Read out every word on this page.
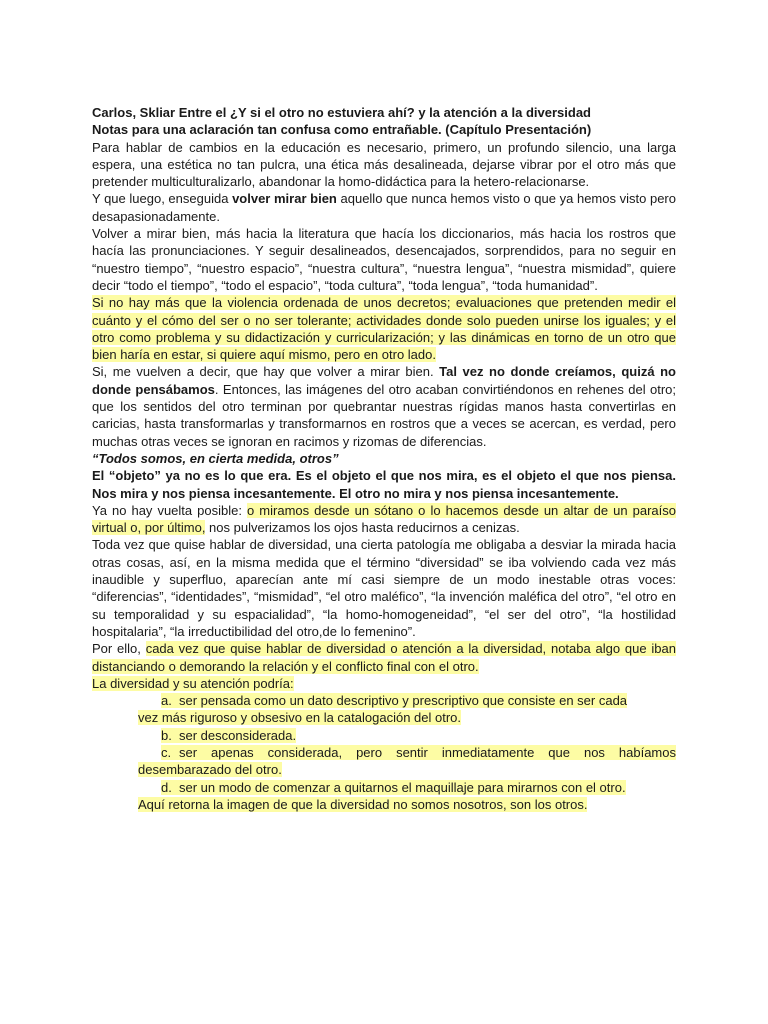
Carlos, Skliar Entre el ¿Y si el otro no estuviera ahí? y la atención a la diversidad

Notas para una aclaración tan confusa como entrañable. (Capítulo Presentación)

Para hablar de cambios en la educación es necesario, primero, un profundo silencio, una larga espera, una estética no tan pulcra, una ética más desalineada, dejarse vibrar por el otro más que pretender multiculturalizarlo, abandonar la homo-didáctica para la hetero-relacionarse.

Y que luego, enseguida volver mirar bien aquello que nunca hemos visto o que ya hemos visto pero desapasionadamente.

Volver a mirar bien, más hacia la literatura que hacía los diccionarios, más hacia los rostros que hacía las pronunciaciones. Y seguir desalineados, desencajados, sorprendidos, para no seguir en “nuestro tiempo”, “nuestro espacio”, “nuestra cultura”, “nuestra lengua”, “nuestra mismidad”, quiere decir “todo el tiempo”, “todo el espacio”, “toda cultura”, “toda lengua”, “toda humanidad”.

Si no hay más que la violencia ordenada de unos decretos; evaluaciones que pretenden medir el cuánto y el cómo del ser o no ser tolerante; actividades donde solo pueden unirse los iguales; y el otro como problema y su didactización y curricularización; y las dinámicas en torno de un otro que bien haría en estar, si quiere aquí mismo, pero en otro lado.

Si, me vuelven a decir, que hay que volver a mirar bien. Tal vez no donde creíamos, quizá no donde pensábamos. Entonces, las imágenes del otro acaban convirtiéndonos en rehenes del otro; que los sentidos del otro terminan por quebrantar nuestras rígidas manos hasta convertirlas en caricias, hasta transformarlas y transformarnos en rostros que a veces se acercan, es verdad, pero muchas otras veces se ignoran en racimos y rizomas de diferencias.

“Todos somos, en cierta medida, otros”

El “objeto” ya no es lo que era. Es el objeto el que nos mira, es el objeto el que nos piensa. Nos mira y nos piensa incesantemente. El otro no mira y nos piensa incesantemente.

Ya no hay vuelta posible: o miramos desde un sótano o lo hacemos desde un altar de un paraíso virtual o, por último, nos pulverizamos los ojos hasta reducirnos a cenizas.

Toda vez que quise hablar de diversidad, una cierta patología me obligaba a desviar la mirada hacia otras cosas, así, en la misma medida que el término “diversidad” se iba volviendo cada vez más inaudible y superfluo, aparecían ante mí casi siempre de un modo inestable otras voces: “diferencias”, “identidades”, “mismidad”, “el otro maléfico”, “la invención maléfica del otro”, “el otro en su temporalidad y su espacialidad”, “la homo-homogeneidad”, “el ser del otro”, “la hostilidad hospitalaria”, “la irreductibilidad del otro,de lo femenino”.

Por ello, cada vez que quise hablar de diversidad o atención a la diversidad, notaba algo que iban distanciando o demorando la relación y el conflicto final con el otro.

La diversidad y su atención podría:

a. ser pensada como un dato descriptivo y prescriptivo que consiste en ser cada
vez más riguroso y obsesivo en la catalogación del otro.

b. ser desconsiderada.

c. ser apenas considerada, pero sentir inmediatamente que nos habíamos
desembarazado del otro.

d. ser un modo de comenzar a quitarnos el maquillaje para mirarnos con el otro.
Aquí retorna la imagen de que la diversidad no somos nosotros, son los otros.
